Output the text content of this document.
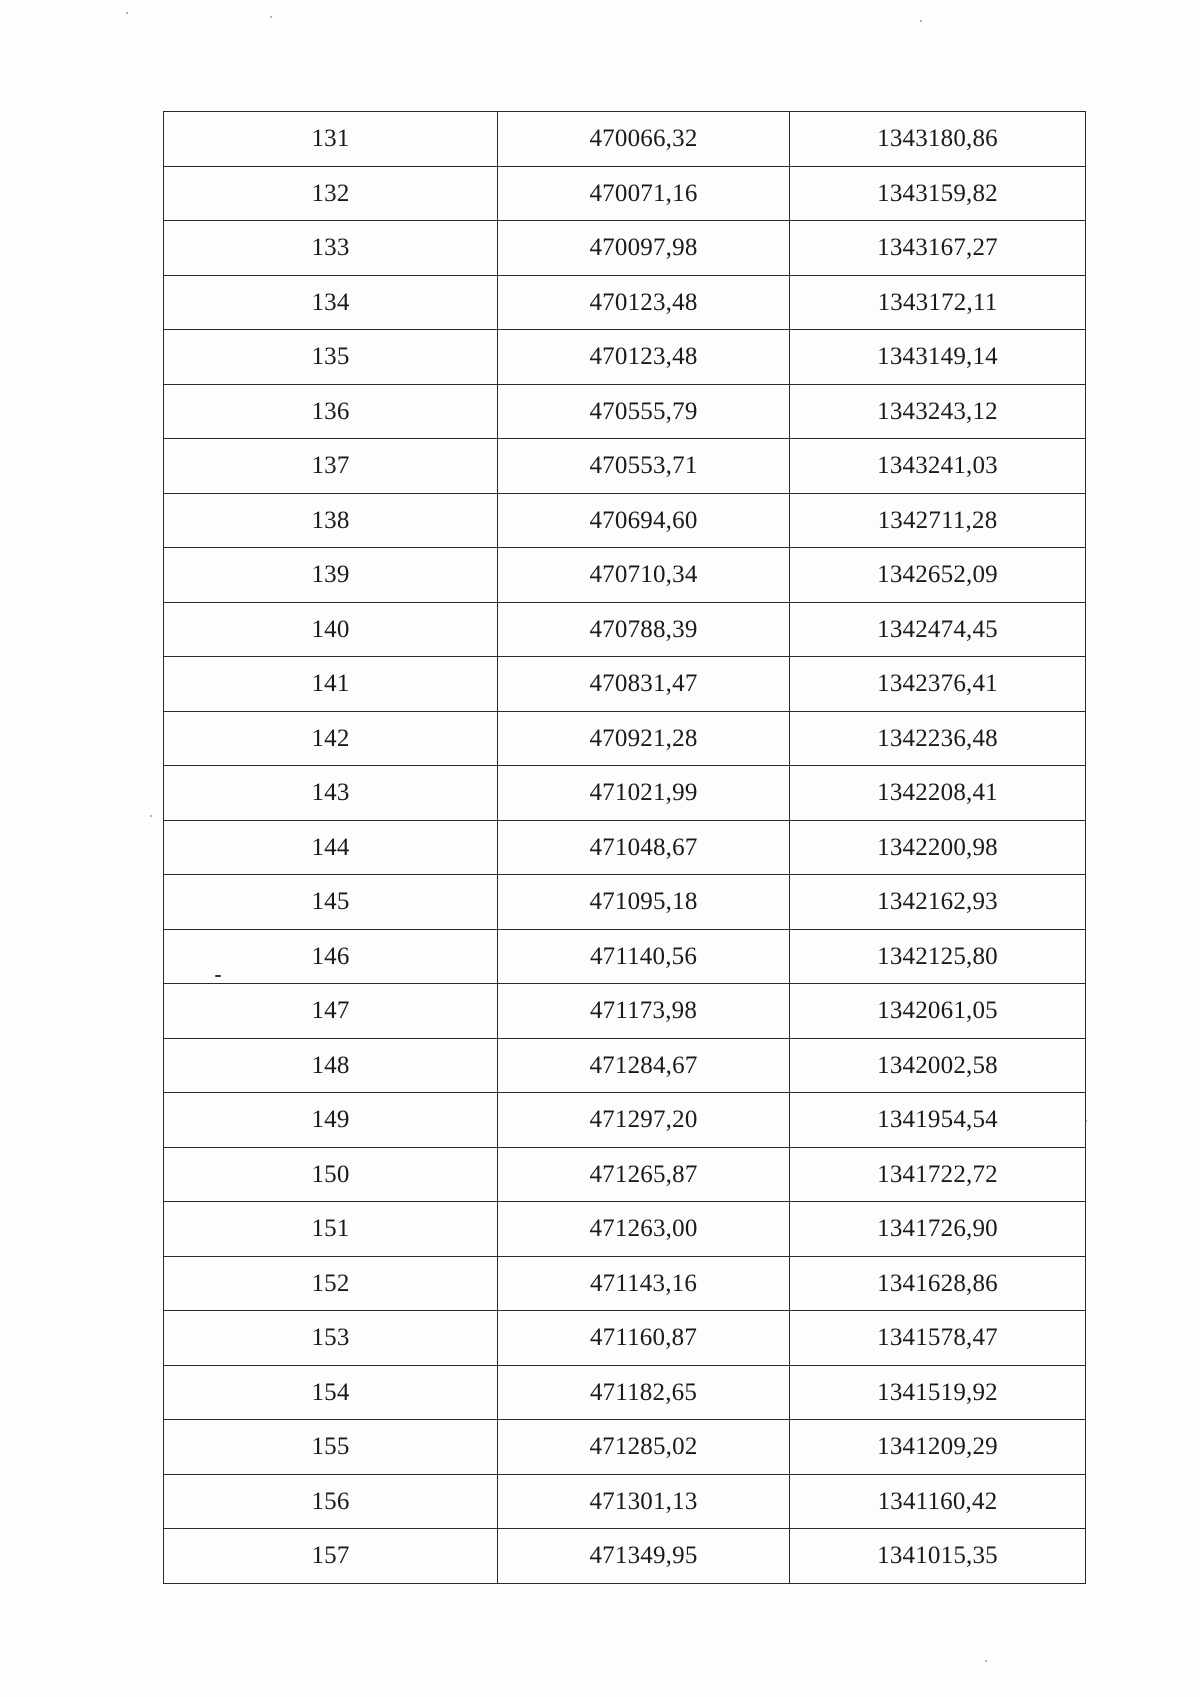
131	470066,32	1343180,86
132	470071,16	1343159,82
133	470097,98	1343167,27
134	470123,48	1343172,11
135	470123,48	1343149,14
136	470555,79	1343243,12
137	470553,71	1343241,03
138	470694,60	1342711,28
139	470710,34	1342652,09
140	470788,39	1342474,45
141	470831,47	1342376,41
142	470921,28	1342236,48
143	471021,99	1342208,41
144	471048,67	1342200,98
145	471095,18	1342162,93
146	471140,56	1342125,80
147	471173,98	1342061,05
148	471284,67	1342002,58
149	471297,20	1341954,54
150	471265,87	1341722,72
151	471263,00	1341726,90
152	471143,16	1341628,86
153	471160,87	1341578,47
154	471182,65	1341519,92
155	471285,02	1341209,29
156	471301,13	1341160,42
157	471349,95	1341015,35
